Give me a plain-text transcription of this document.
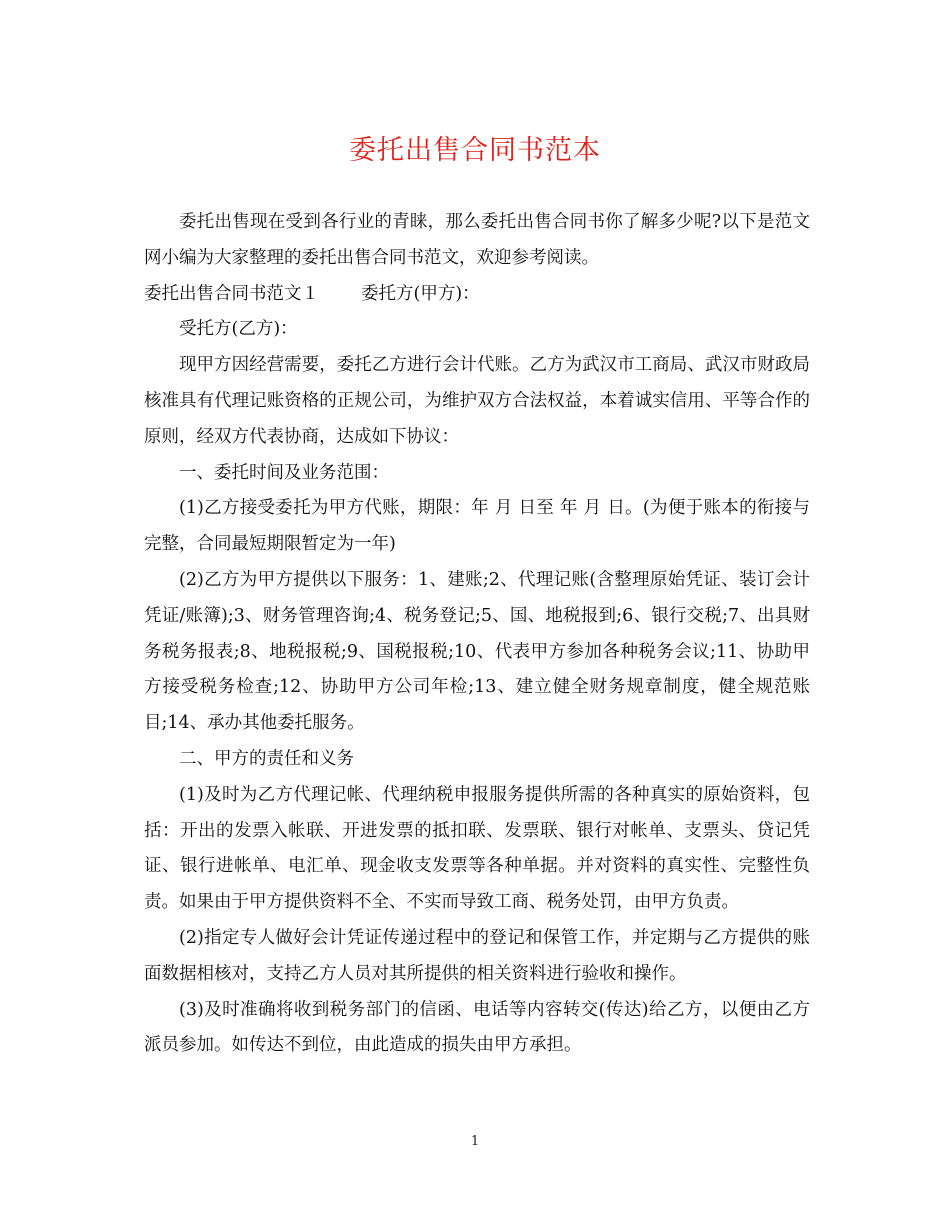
委托出售合同书范本

委托出售现在受到各行业的青睐，那么委托出售合同书你了解多少呢?以下是范文网小编为大家整理的委托出售合同书范文，欢迎参考阅读。

委托出售合同书范文１ 委托方(甲方)：

受托方(乙方)：

现甲方因经营需要，委托乙方进行会计代账。乙方为武汉市工商局、武汉市财政局核准具有代理记账资格的正规公司，为维护双方合法权益，本着诚实信用、平等合作的原则，经双方代表协商，达成如下协议：

一、委托时间及业务范围：

(1)乙方接受委托为甲方代账，期限：年 月 日至 年 月 日。(为便于账本的衔接与完整，合同最短期限暂定为一年)

(2)乙方为甲方提供以下服务：1、建账;2、代理记账(含整理原始凭证、装订会计凭证/账簿);3、财务管理咨询;4、税务登记;5、国、地税报到;6、银行交税;7、出具财务税务报表;8、地税报税;9、国税报税;10、代表甲方参加各种税务会议;11、协助甲方接受税务检查;12、协助甲方公司年检;13、建立健全财务规章制度，健全规范账目;14、承办其他委托服务。

二、甲方的责任和义务

(1)及时为乙方代理记帐、代理纳税申报服务提供所需的各种真实的原始资料，包括：开出的发票入帐联、开进发票的抵扣联、发票联、银行对帐单、支票头、贷记凭证、银行进帐单、电汇单、现金收支发票等各种单据。并对资料的真实性、完整性负责。如果由于甲方提供资料不全、不实而导致工商、税务处罚，由甲方负责。

(2)指定专人做好会计凭证传递过程中的登记和保管工作，并定期与乙方提供的账面数据相核对，支持乙方人员对其所提供的相关资料进行验收和操作。

(3)及时准确将收到税务部门的信函、电话等内容转交(传达)给乙方，以便由乙方派员参加。如传达不到位，由此造成的损失由甲方承担。

1
